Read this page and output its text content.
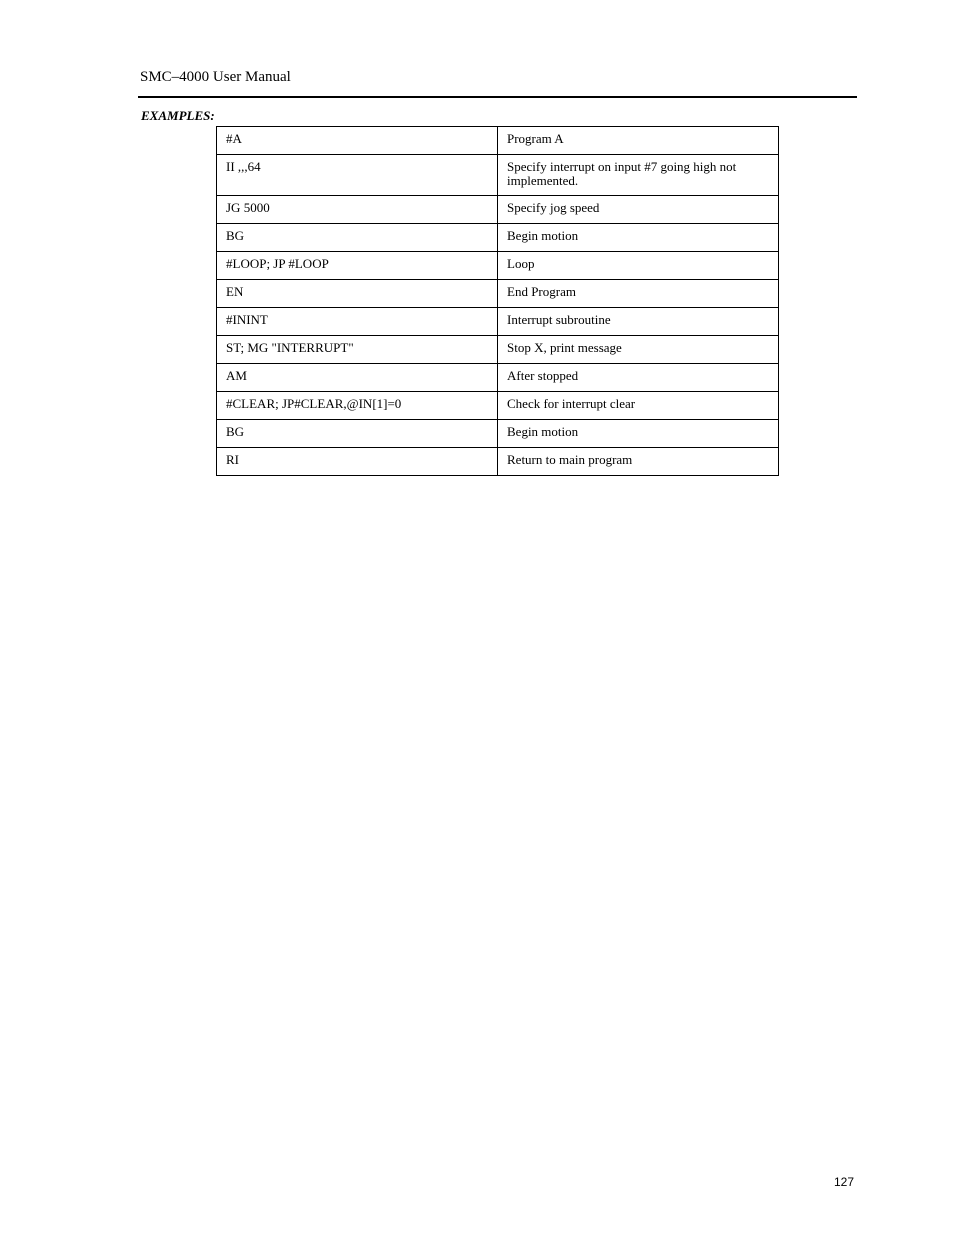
SMC–4000 User Manual
EXAMPLES:
#A	Program A
II ,,,64	Specify interrupt on input #7 going high not implemented.
JG 5000	Specify jog speed
BG	Begin motion
#LOOP; JP #LOOP	Loop
EN	End Program
#ININT	Interrupt subroutine
ST; MG "INTERRUPT"	Stop X, print message
AM	After stopped
#CLEAR; JP#CLEAR,@IN[1]=0	Check for interrupt clear
BG	Begin motion
RI	Return to main program
127
